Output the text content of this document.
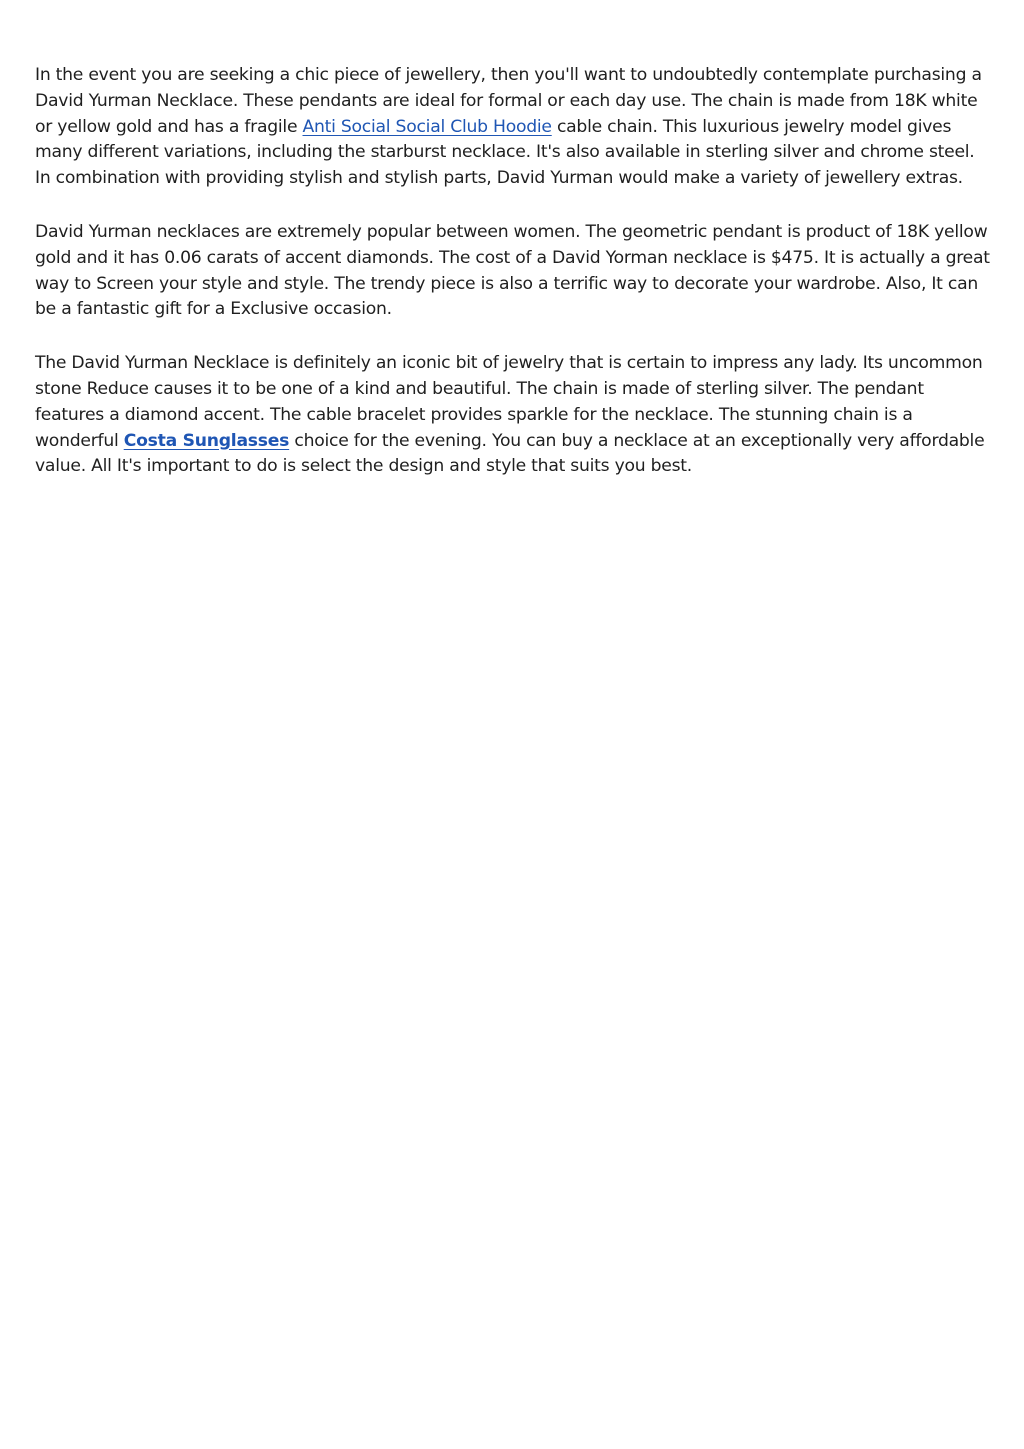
In the event you are seeking a chic piece of jewellery, then you'll want to undoubtedly contemplate purchasing a David Yurman Necklace. These pendants are ideal for formal or each day use. The chain is made from 18K white or yellow gold and has a fragile Anti Social Social Club Hoodie cable chain. This luxurious jewelry model gives many different variations, including the starburst necklace. It's also available in sterling silver and chrome steel. In combination with providing stylish and stylish parts, David Yurman would make a variety of jewellery extras.

David Yurman necklaces are extremely popular between women. The geometric pendant is product of 18K yellow gold and it has 0.06 carats of accent diamonds. The cost of a David Yorman necklace is $475. It is actually a great way to Screen your style and style. The trendy piece is also a terrific way to decorate your wardrobe. Also, It can be a fantastic gift for a Exclusive occasion.

The David Yurman Necklace is definitely an iconic bit of jewelry that is certain to impress any lady. Its uncommon stone Reduce causes it to be one of a kind and beautiful. The chain is made of sterling silver. The pendant features a diamond accent. The cable bracelet provides sparkle for the necklace. The stunning chain is a wonderful Costa Sunglasses choice for the evening. You can buy a necklace at an exceptionally very affordable value. All It's important to do is select the design and style that suits you best.
